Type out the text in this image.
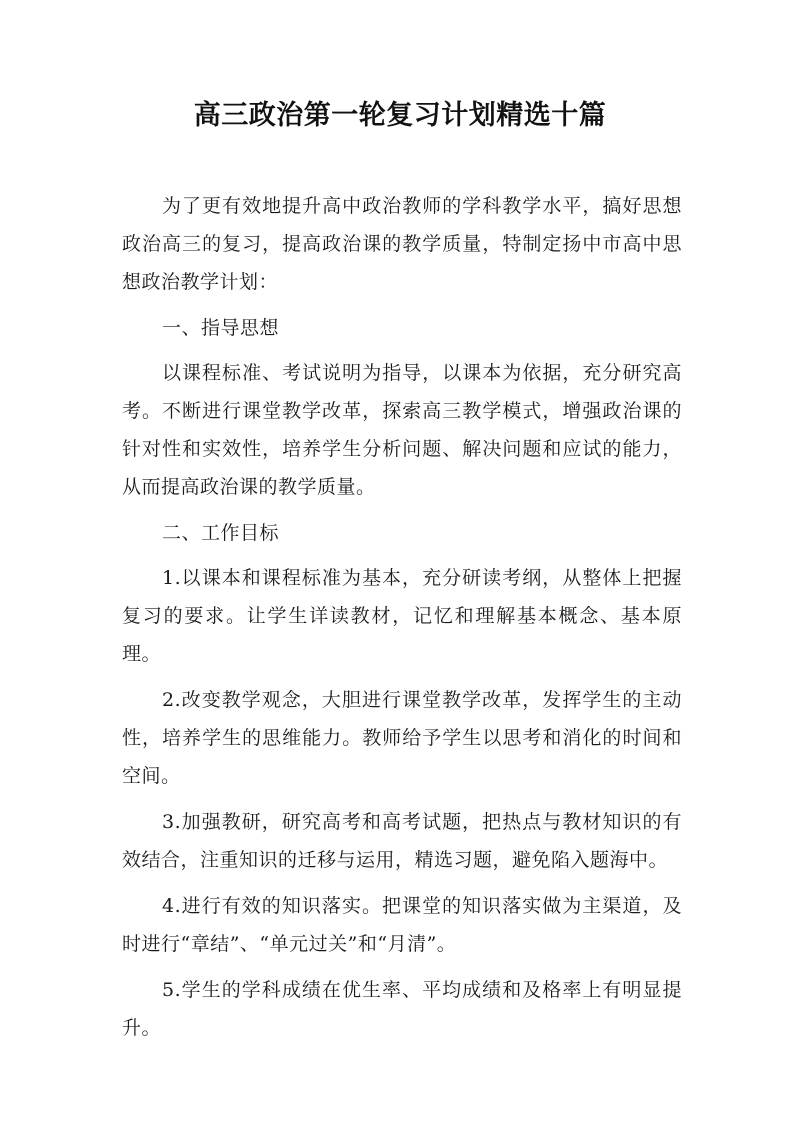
高三政治第一轮复习计划精选十篇

为了更有效地提升高中政治教师的学科教学水平，搞好思想政治高三的复习，提高政治课的教学质量，特制定扬中市高中思想政治教学计划：

一、指导思想

以课程标准、考试说明为指导，以课本为依据，充分研究高考。不断进行课堂教学改革，探索高三教学模式，增强政治课的针对性和实效性，培养学生分析问题、解决问题和应试的能力，从而提高政治课的教学质量。

二、工作目标

1.以课本和课程标准为基本，充分研读考纲，从整体上把握复习的要求。让学生详读教材，记忆和理解基本概念、基本原理。

2.改变教学观念，大胆进行课堂教学改革，发挥学生的主动性，培养学生的思维能力。教师给予学生以思考和消化的时间和空间。

3.加强教研，研究高考和高考试题，把热点与教材知识的有效结合，注重知识的迁移与运用，精选习题，避免陷入题海中。

4.进行有效的知识落实。把课堂的知识落实做为主渠道，及时进行“章结”、“单元过关”和“月清”。

5.学生的学科成绩在优生率、平均成绩和及格率上有明显提升。
